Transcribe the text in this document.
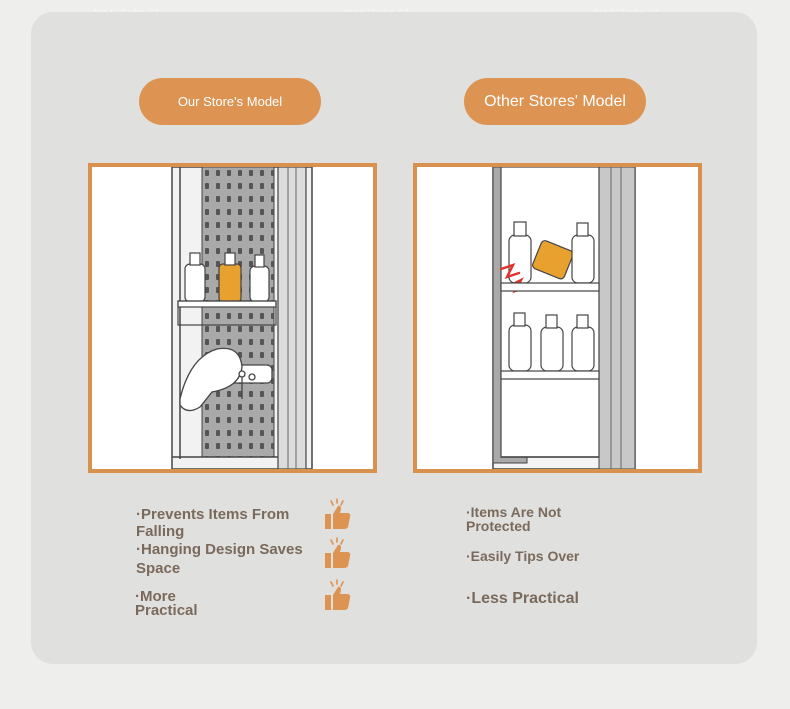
Our Store's Model	Other Stores' Model
·Prevents Items From
Falling
·Hanging Design Saves
Space
·More
Practical
·Items Are Not
Protected
·Easily Tips Over
·Less Practical
